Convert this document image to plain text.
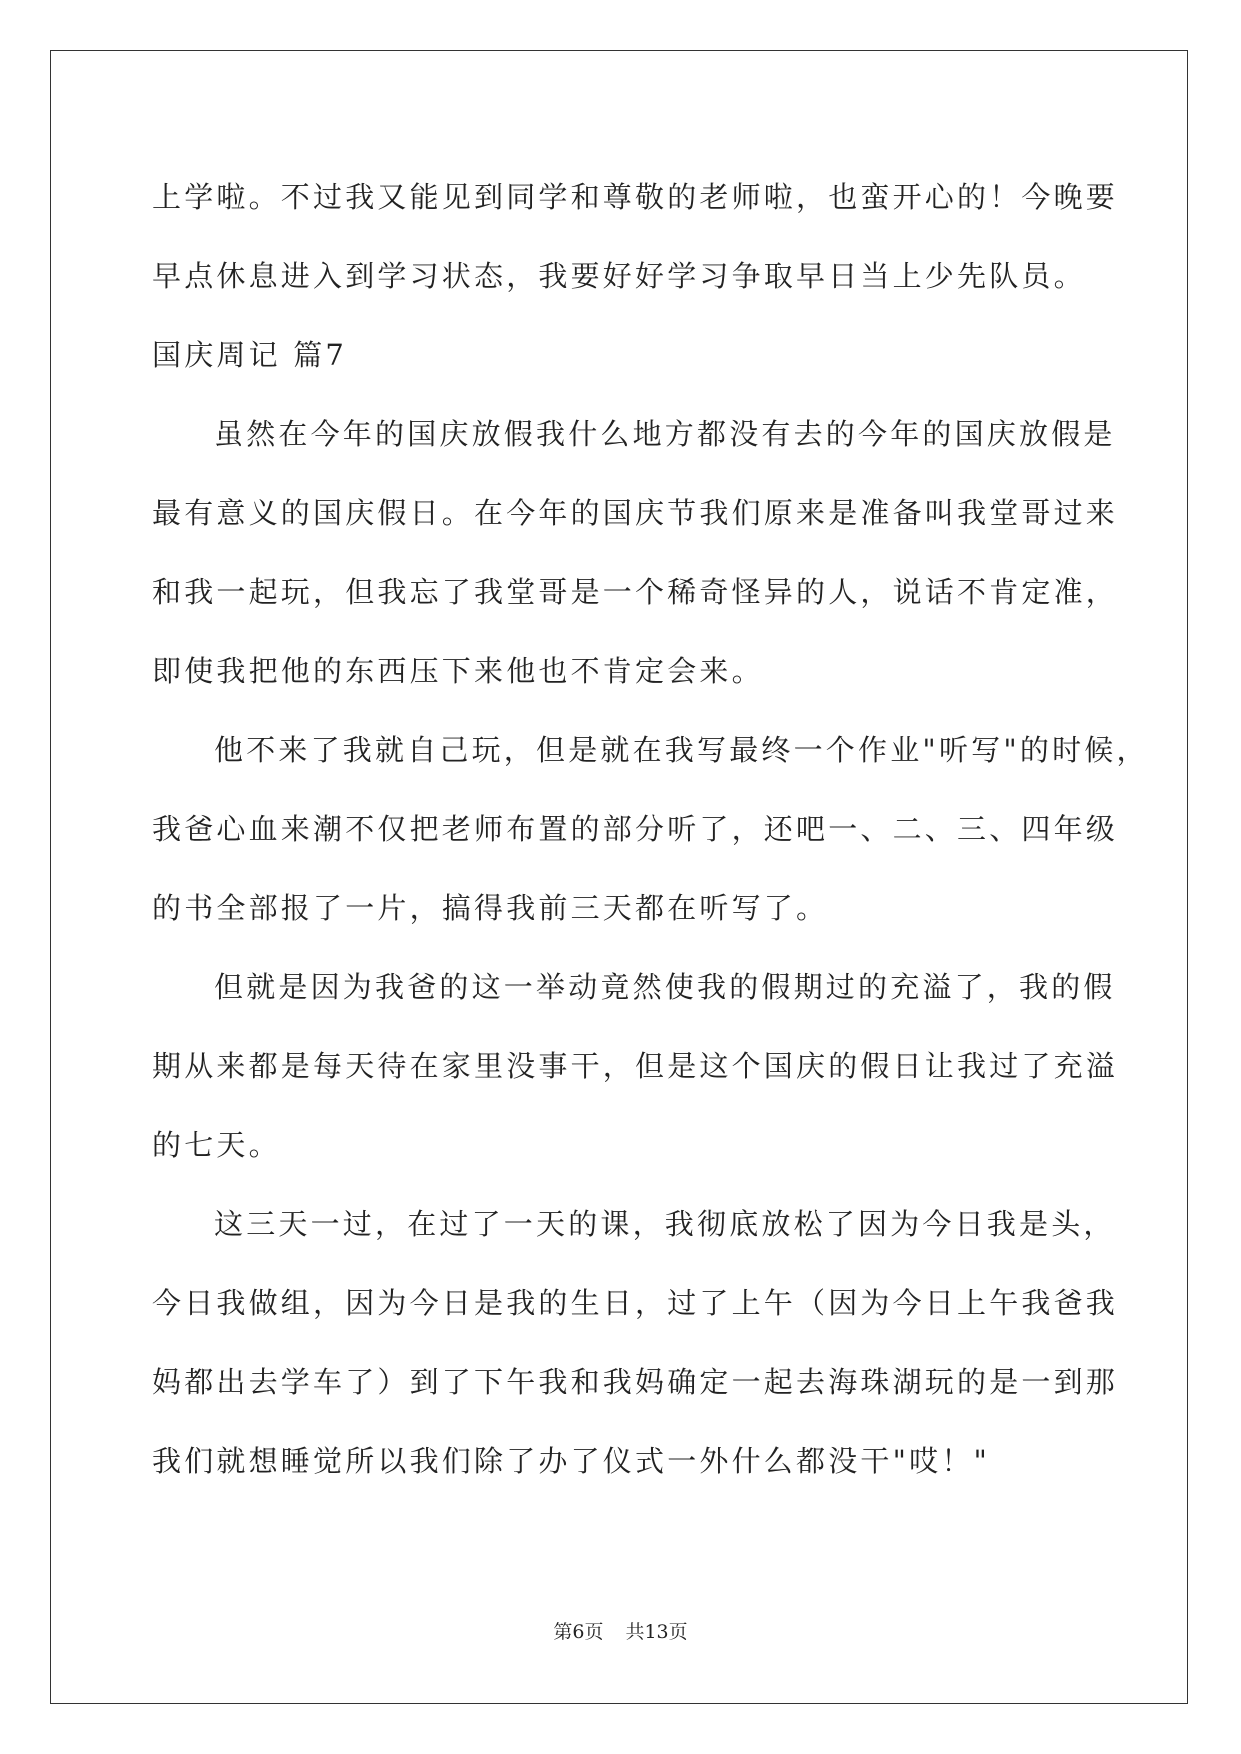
上学啦。不过我又能见到同学和尊敬的老师啦，也蛮开心的！今晚要

早点休息进入到学习状态，我要好好学习争取早日当上少先队员。

国庆周记 篇7

虽然在今年的国庆放假我什么地方都没有去的今年的国庆放假是

最有意义的国庆假日。在今年的国庆节我们原来是准备叫我堂哥过来

和我一起玩，但我忘了我堂哥是一个稀奇怪异的人，说话不肯定准，

即使我把他的东西压下来他也不肯定会来。

他不来了我就自己玩，但是就在我写最终一个作业"听写"的时候，

我爸心血来潮不仅把老师布置的部分听了，还吧一、二、三、四年级

的书全部报了一片，搞得我前三天都在听写了。

但就是因为我爸的这一举动竟然使我的假期过的充溢了，我的假

期从来都是每天待在家里没事干，但是这个国庆的假日让我过了充溢

的七天。

这三天一过，在过了一天的课，我彻底放松了因为今日我是头，

今日我做组，因为今日是我的生日，过了上午（因为今日上午我爸我

妈都出去学车了）到了下午我和我妈确定一起去海珠湖玩的是一到那

我们就想睡觉所以我们除了办了仪式一外什么都没干"哎！"

第6页 共13页
